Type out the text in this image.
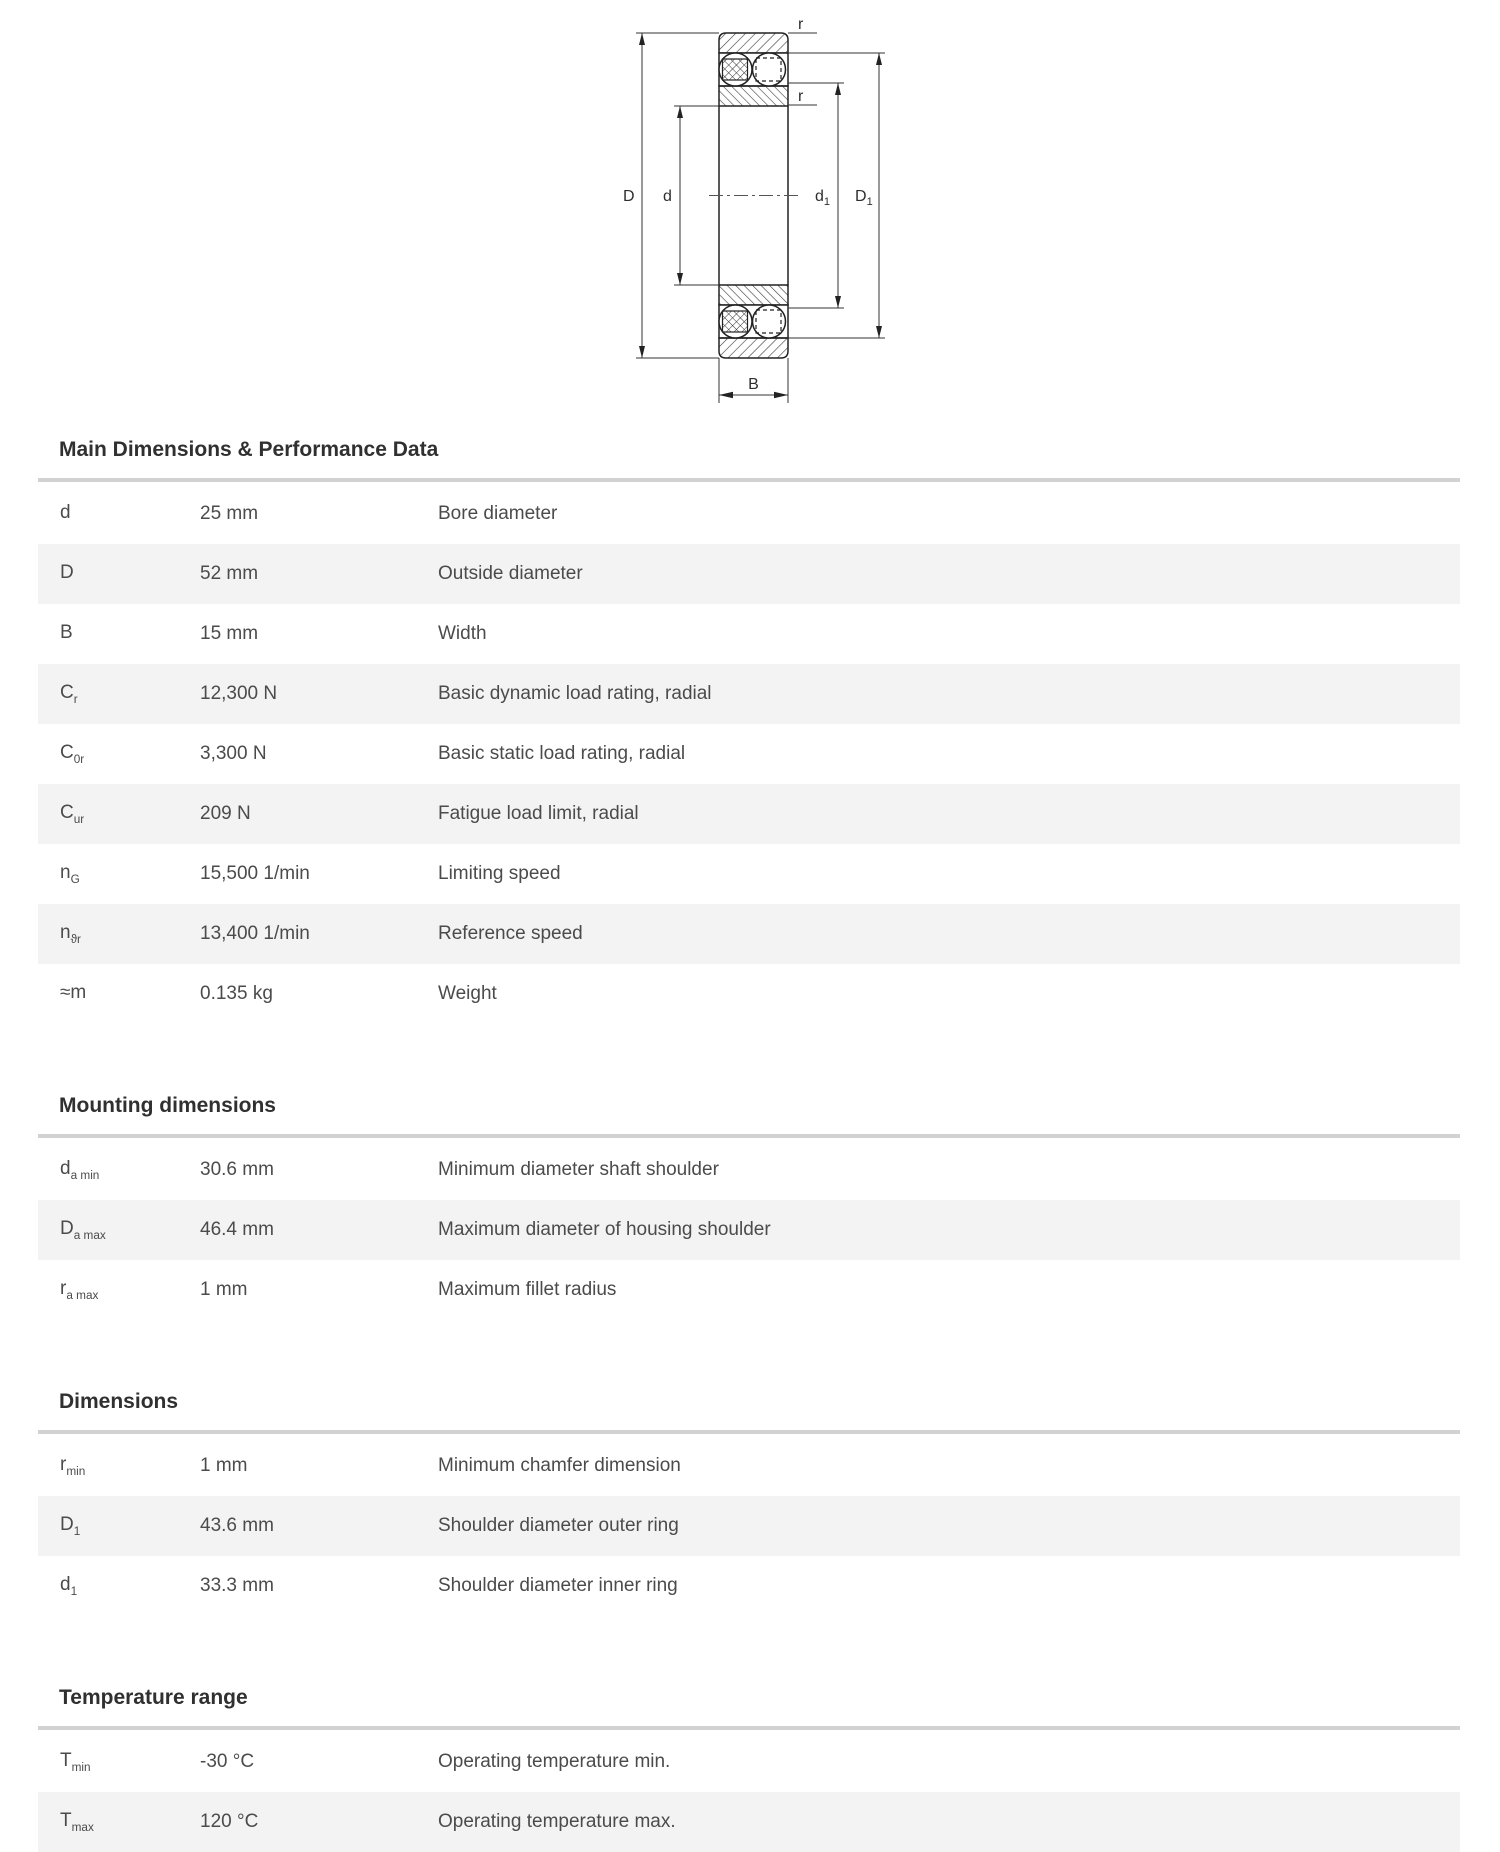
D d	$d_1$ $D_1$
r
r
B
Main Dimensions & Performance Data
d	25 mm	Bore diameter
D	52 mm	Outside diameter
B	15 mm	Width
$C_r$	12,300 N	Basic dynamic load rating, radial
$C_{0r}$	3,300 N	Basic static load rating, radial
$C_{ur}$	209 N	Fatigue load limit, radial
$n_G$	15,500 1/min	Limiting speed
$n_{ϑr}$	13,400 1/min	Reference speed
≈m	0.135 kg	Weight
Mounting dimensions
$d_{a min}$	30.6 mm	Minimum diameter shaft shoulder
$D_{a max}$	46.4 mm	Maximum diameter of housing shoulder
$r_{a max}$	1 mm	Maximum fillet radius
Dimensions
$r_{min}$	1 mm	Minimum chamfer dimension
$D_1$	43.6 mm	Shoulder diameter outer ring
$d_1$	33.3 mm	Shoulder diameter inner ring
Temperature range
$T_{min}$	-30 °C	Operating temperature min.
$T_{max}$	120 °C	Operating temperature max.
